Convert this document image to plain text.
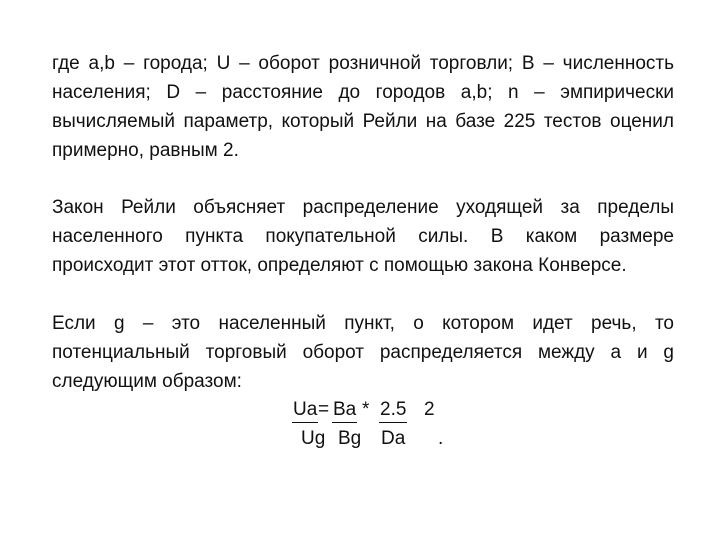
где a,b – города; U – оборот розничной торговли; B – численность населения; D – расстояние до городов a,b; n – эмпирически вычисляемый параметр, который Рейли на базе 225 тестов оценил примерно, равным 2.
Закон Рейли объясняет распределение уходящей за пределы населенного пункта покупательной силы. В каком размере происходит этот отток, определяют с помощью закона Конверсе.
Если g – это населенный пункт, о котором идет речь, то потенциальный торговый оборот распределяется между а и g следующим образом:
Ua = Ba * 2.5 2
Ug Bg Da .
